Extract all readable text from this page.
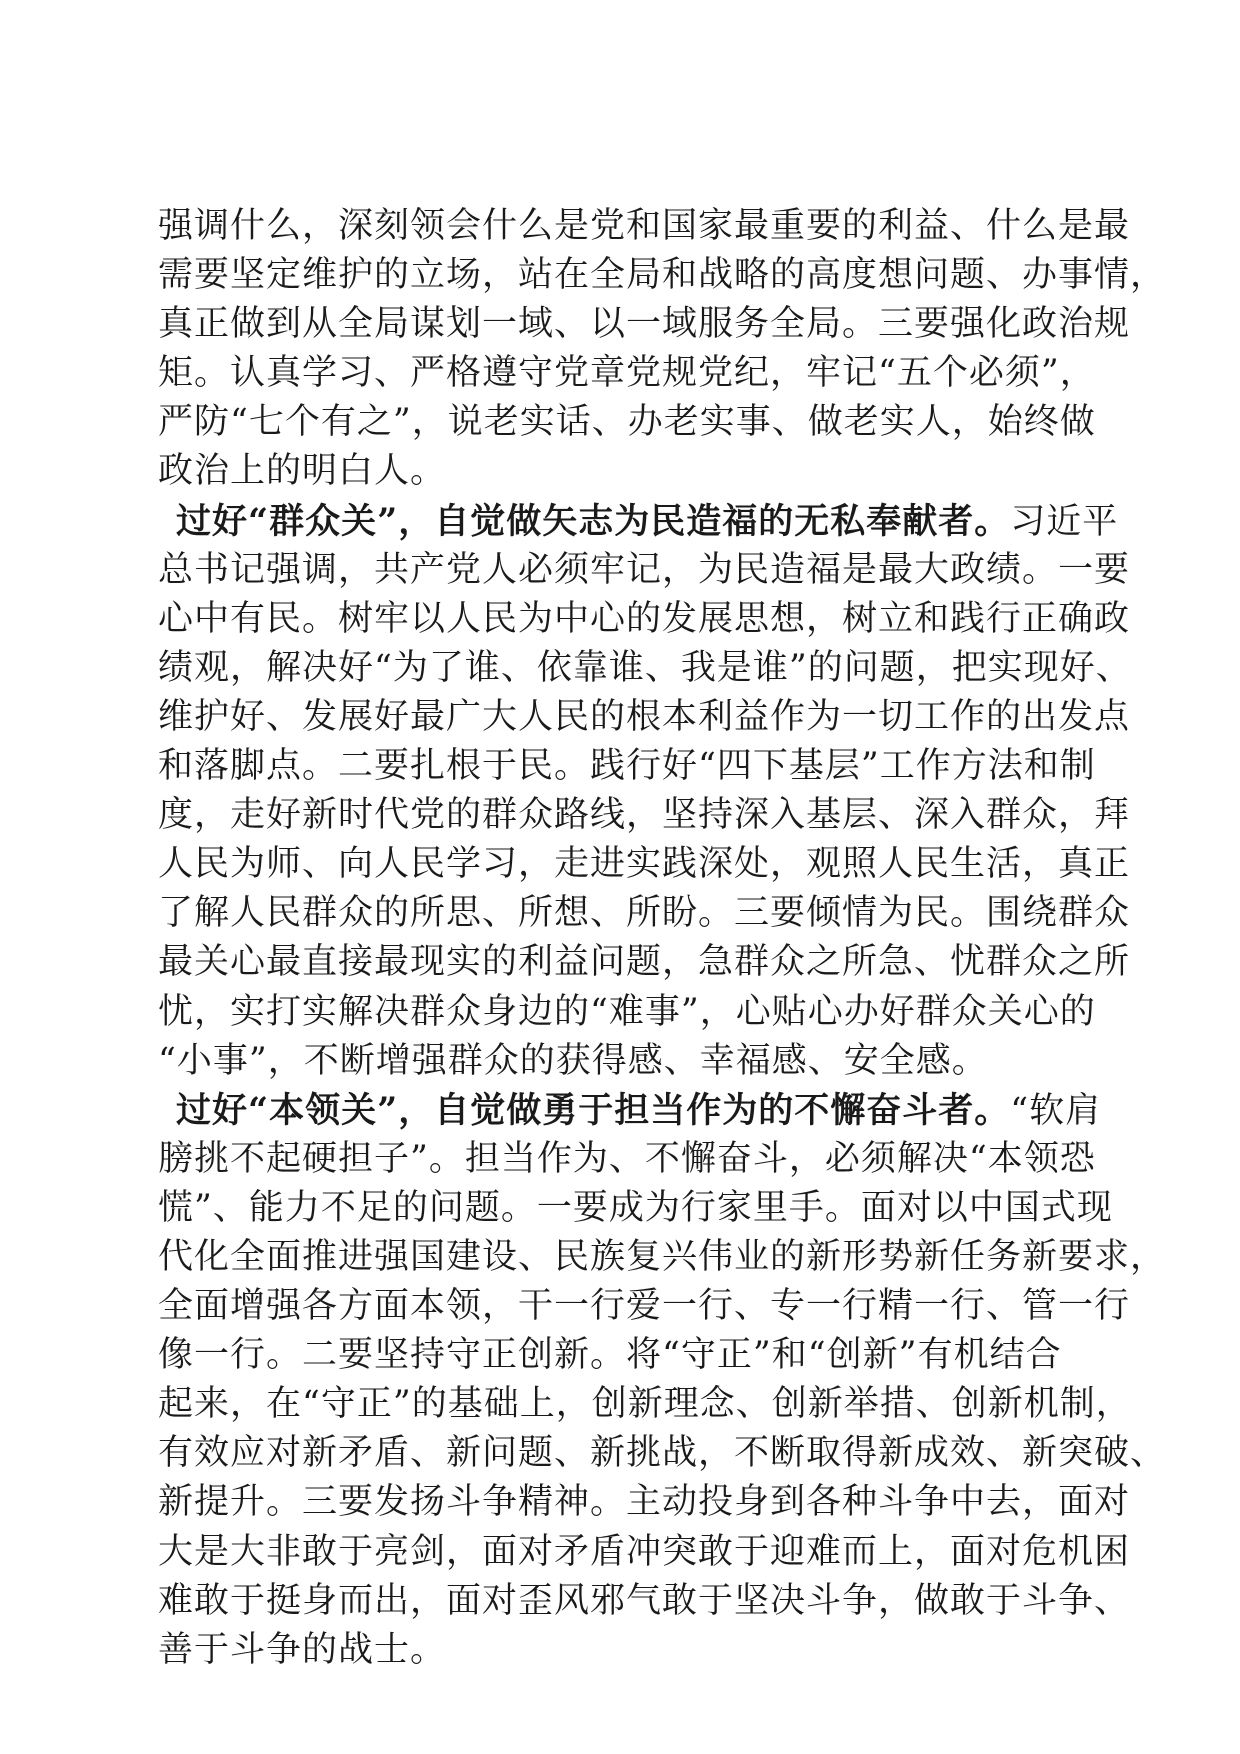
强调什么，深刻领会什么是党和国家最重要的利益、什么是最
需要坚定维护的立场，站在全局和战略的高度想问题、办事情，
真正做到从全局谋划一域、以一域服务全局。三要强化政治规
矩。认真学习、严格遵守党章党规党纪，牢记“五个必须”，
严防“七个有之”，说老实话、办老实事、做老实人，始终做
政治上的明白人。
过好“群众关”，自觉做矢志为民造福的无私奉献者。习近平
总书记强调，共产党人必须牢记，为民造福是最大政绩。一要
心中有民。树牢以人民为中心的发展思想，树立和践行正确政
绩观，解决好“为了谁、依靠谁、我是谁”的问题，把实现好、
维护好、发展好最广大人民的根本利益作为一切工作的出发点
和落脚点。二要扎根于民。践行好“四下基层”工作方法和制
度，走好新时代党的群众路线，坚持深入基层、深入群众，拜
人民为师、向人民学习，走进实践深处，观照人民生活，真正
了解人民群众的所思、所想、所盼。三要倾情为民。围绕群众
最关心最直接最现实的利益问题，急群众之所急、忧群众之所
忧，实打实解决群众身边的“难事”，心贴心办好群众关心的
“小事”，不断增强群众的获得感、幸福感、安全感。
过好“本领关”，自觉做勇于担当作为的不懈奋斗者。“软肩
膀挑不起硬担子”。担当作为、不懈奋斗，必须解决“本领恐
慌”、能力不足的问题。一要成为行家里手。面对以中国式现
代化全面推进强国建设、民族复兴伟业的新形势新任务新要求，
全面增强各方面本领，干一行爱一行、专一行精一行、管一行
像一行。二要坚持守正创新。将“守正”和“创新”有机结合
起来，在“守正”的基础上，创新理念、创新举措、创新机制，
有效应对新矛盾、新问题、新挑战，不断取得新成效、新突破、
新提升。三要发扬斗争精神。主动投身到各种斗争中去，面对
大是大非敢于亮剑，面对矛盾冲突敢于迎难而上，面对危机困
难敢于挺身而出，面对歪风邪气敢于坚决斗争，做敢于斗争、
善于斗争的战士。
